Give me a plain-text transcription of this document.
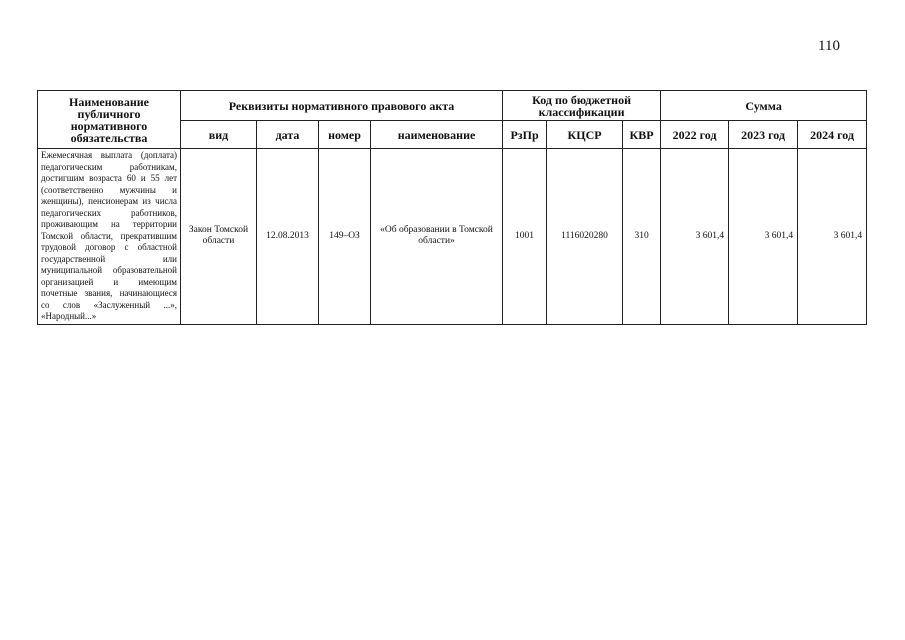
110
Наименование публичного нормативного обязательства	Реквизиты нормативного правового акта				Код по бюджетной классификации			Сумма		
	вид	дата	номер	наименование	РзПр	КЦСР	КВР	2022 год	2023 год	2024 год
Ежемесячная выплата (доплата) педагогическим работникам, достигшим возраста 60 и 55 лет (соответственно мужчины и женщины), пенсионерам из числа педагогических работников, проживающим на территории Томской области, прекратившим трудовой договор с областной государственной или муниципальной образовательной организацией и имеющим почетные звания, начинающиеся со слов «Заслуженный ...», «Народный...»	Закон Томской области	12.08.2013	149–ОЗ	«Об образовании в Томской области»	1001	1116020280	310	3 601,4	3 601,4	3 601,4
